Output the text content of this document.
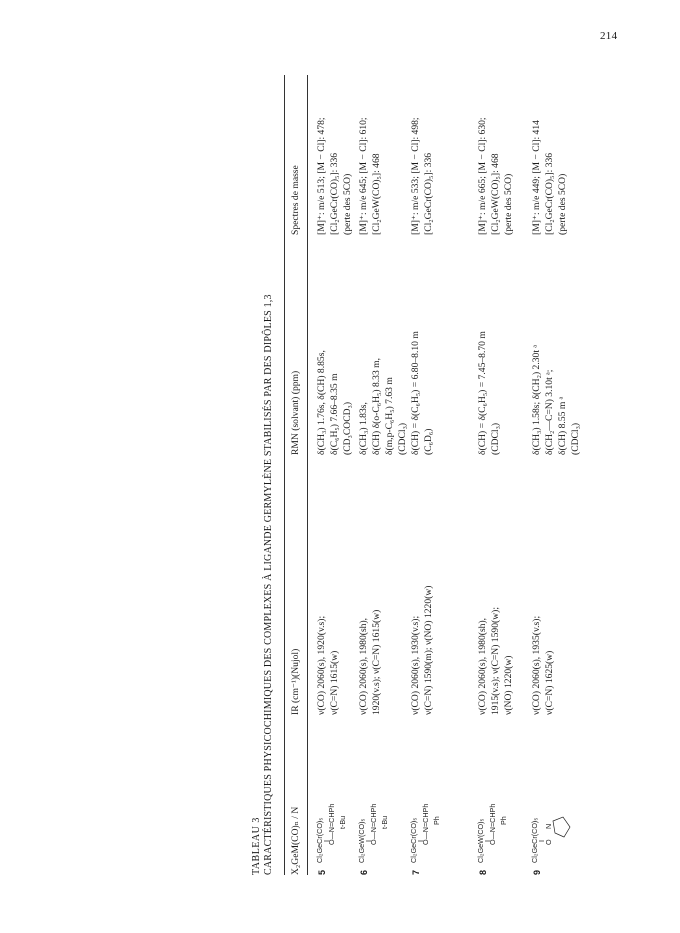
214
TABLEAU 3 CARACTÉRISTIQUES PHYSICOCHIMIQUES DES COMPLEXES À LIGANDE GERMYLÈNE STABILISÉS PAR DES DIPÔLES 1,3 X₂GeM(CO)ₙ / N
IR (cm⁻¹)(Nujol)
RMN (solvant) (ppm)
Spectres de masse
5
Cl₂GeCr(CO)₅ O—N=CHPh t-Bu
ν(CO) 2060(s), 1920(v.s); ν(C=N) 1615(w)
δ(CH₃) 1.76s, δ(CH) 8.85s, δ(C₆H₅) 7.66–8.35 m (CD₃COCD₃)
[M]⁺: m/e 513; [M − Cl]: 478; [Cl₂GeCr(CO)₅]: 336 (perte des 5CO)
6
Cl₂GeW(CO)₅ O—N=CHPh t-Bu
ν(CO) 2060(s), 1980(sh), 1920(v.s); ν(C=N) 1615(w)
δ(CH₃) 1.83s, δ(CH) δ(o-C₆H₅) 8.33 m, δ(m,p-C₆H₅) 7.63 m (CDCl₃)
[M]⁺: m/e 645; [M − Cl]: 610; [Cl₂GeW(CO)₅]: 468
7
Cl₂GeCr(CO)₅ O—N=CHPh Ph
ν(CO) 2060(s), 1930(v.s); ν(C=N) 1590(m); ν(NO) 1220(w)
δ(CH) = δ(C₆H₅) = 6.80–8.10 m (C₆D₆)
[M]⁺: m/e 533; [M − Cl]: 498; [Cl₂GeCr(CO)₅]: 336
8
Cl₂GeW(CO)₅ O—N=CHPh Ph
ν(CO) 2060(s), 1980(sh), 1915(v.s); ν(C=N) 1590(w); ν(NO) 1220(w)
δ(CH) = δ(C₆H₅) = 7.45–8.70 m (CDCl₃)
[M]⁺: m/e 665; [M − Cl]: 630; [Cl₂GeW(CO)₅]: 468 (perte des 5CO)
9
Cl₂GeCr(CO)₅ O
N
ν(CO) 2060(s), 1935(v.s); ν(C=N) 1625(w)
δ(CH₃) 1.58s; δ(CH₂) 2.30t ᵃ δ(CH₂—C=N) 3.10t ᵃ; δ(CH) 8.55 m ᵃ (CDCl₃)
[M]⁺: m/e 449; [M − Cl]: 414 [Cl₂GeCr(CO)₅]: 336 (perte des 5CO)
